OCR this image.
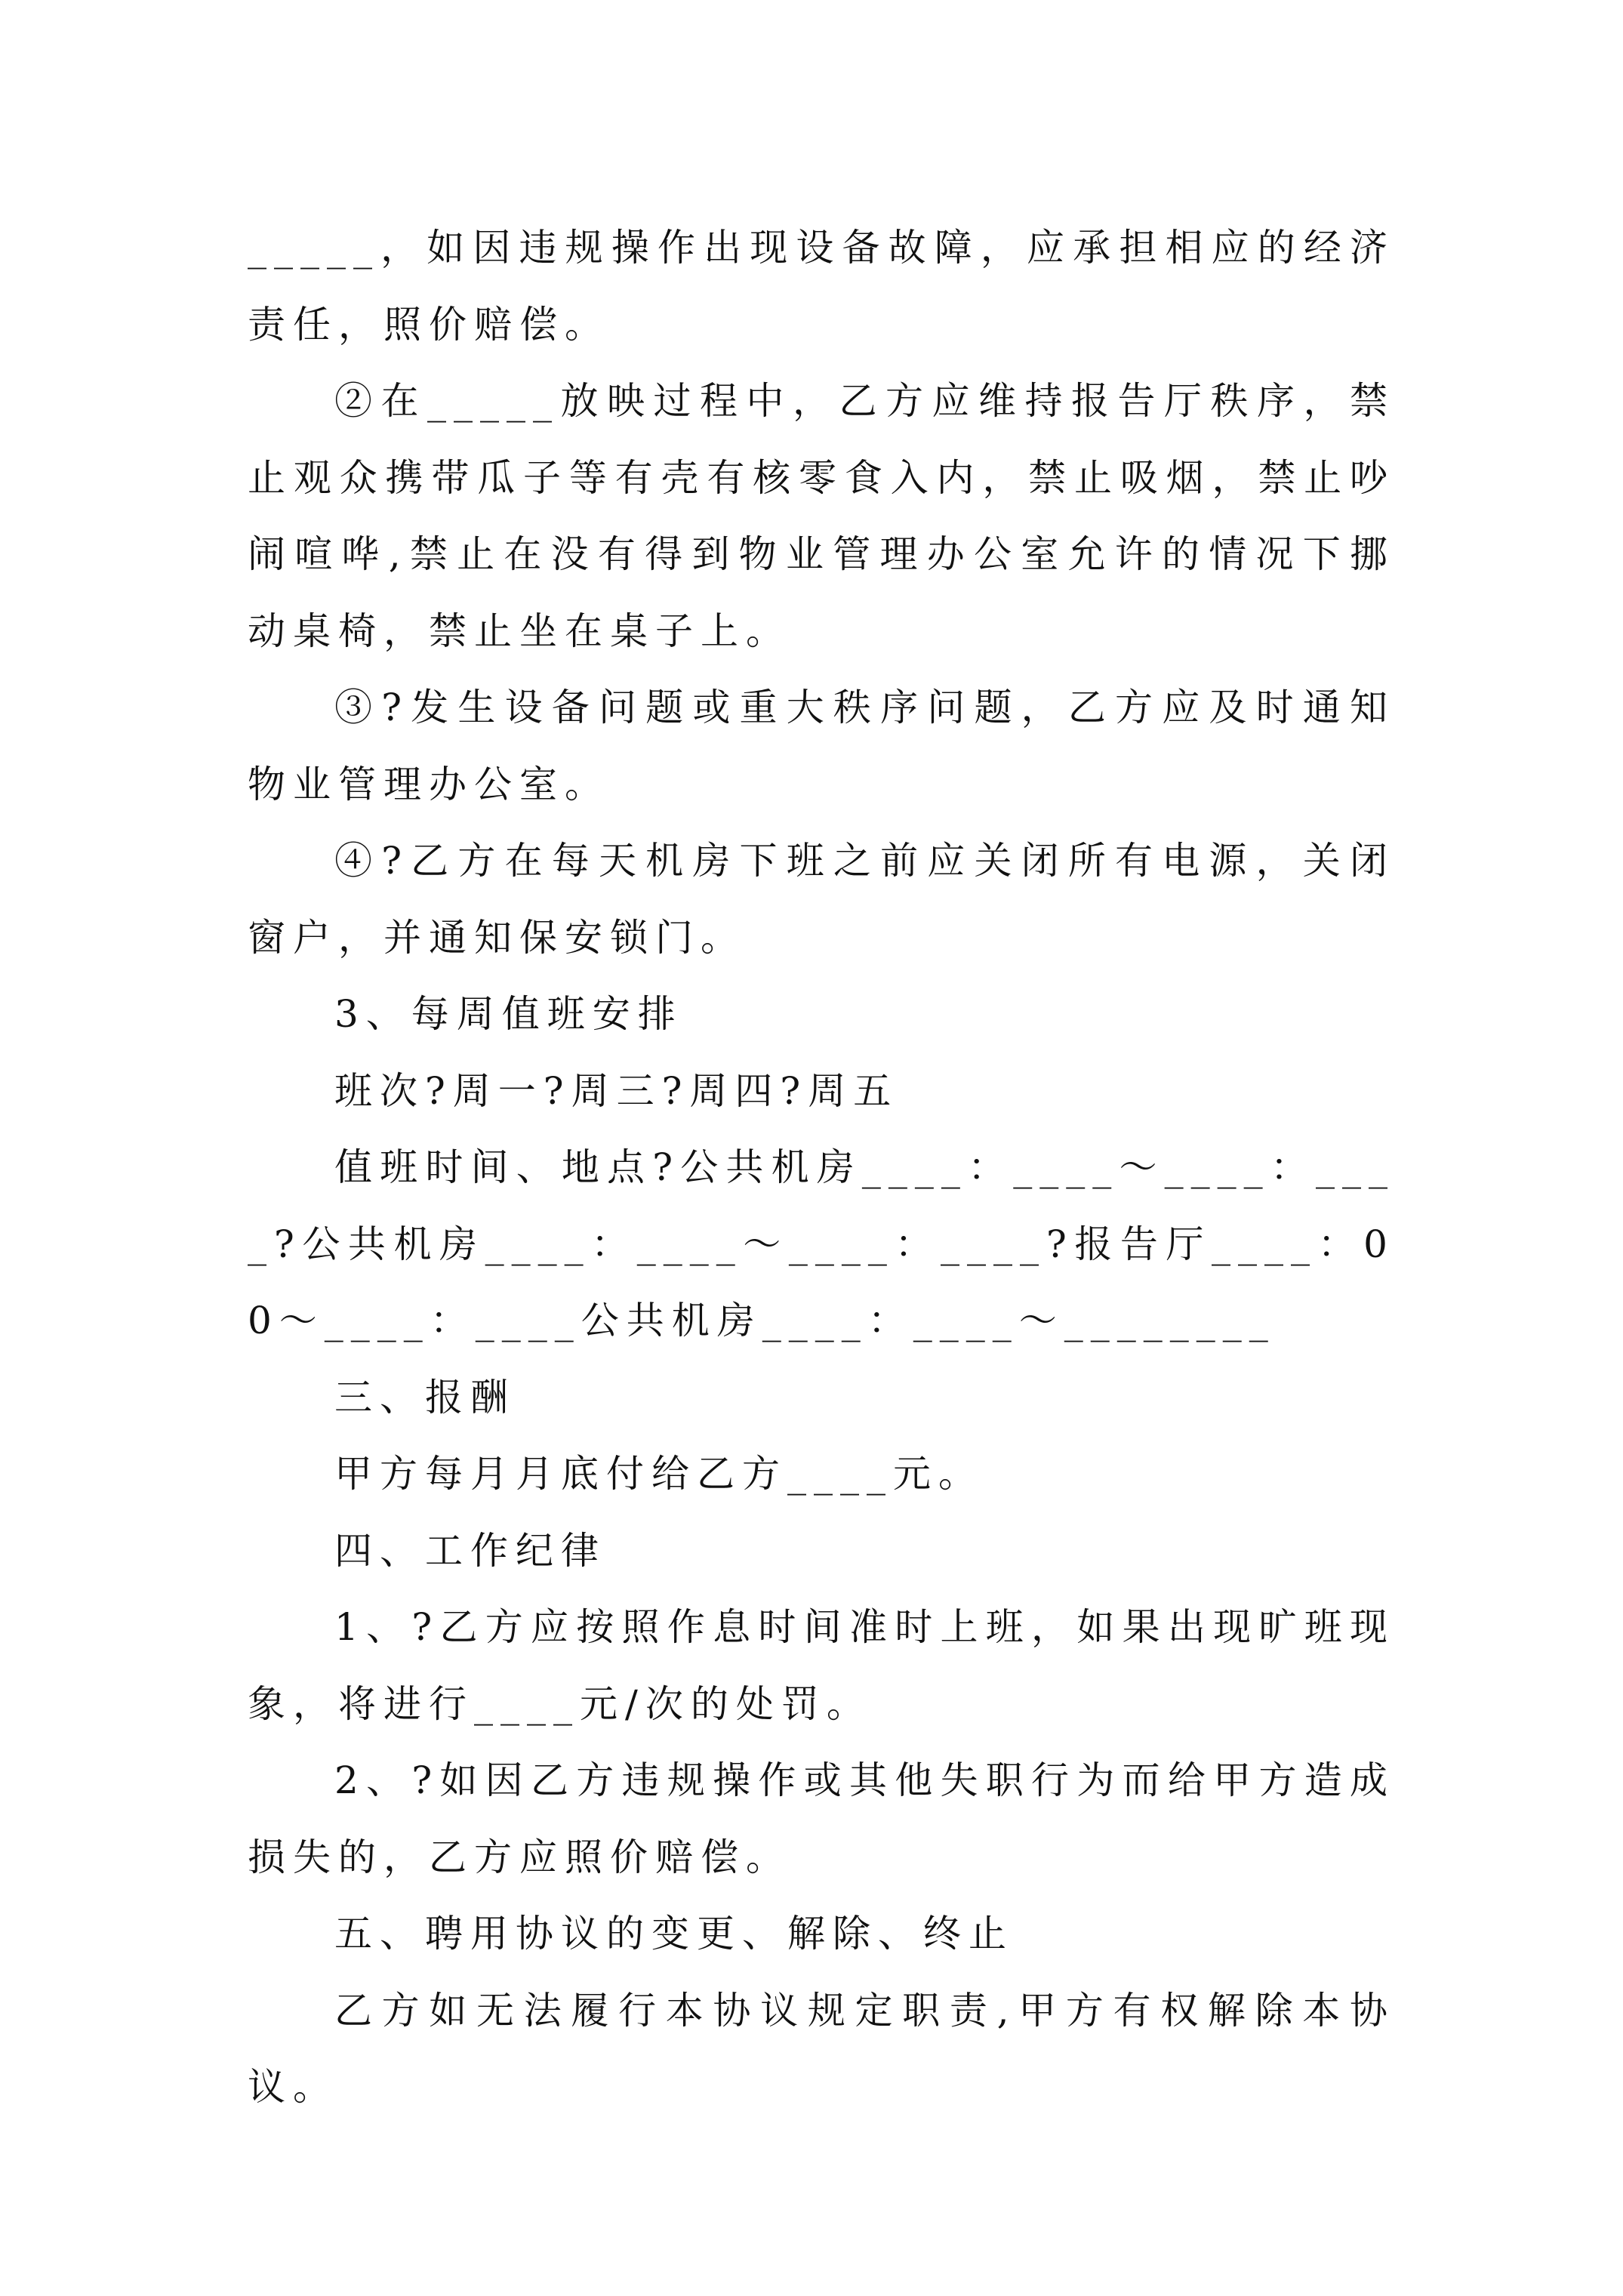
_____，如因违规操作出现设备故障，应承担相应的经济责任，照价赔偿。

②在_____放映过程中，乙方应维持报告厅秩序，禁止观众携带瓜子等有壳有核零食入内，禁止吸烟，禁止吵闹喧哗,禁止在没有得到物业管理办公室允许的情况下挪动桌椅，禁止坐在桌子上。

③?发生设备问题或重大秩序问题，乙方应及时通知物业管理办公室。

④?乙方在每天机房下班之前应关闭所有电源，关闭窗户，并通知保安锁门。

3、每周值班安排

班次?周一?周三?周四?周五

值班时间、地点?公共机房____：____～____：____?公共机房____：____～____：____?报告厅____：00～____：____公共机房____：____～________

三、报酬

甲方每月月底付给乙方____元。

四、工作纪律

1、?乙方应按照作息时间准时上班，如果出现旷班现象，将进行____元/次的处罚。

2、?如因乙方违规操作或其他失职行为而给甲方造成损失的，乙方应照价赔偿。

五、聘用协议的变更、解除、终止

乙方如无法履行本协议规定职责,甲方有权解除本协议。
